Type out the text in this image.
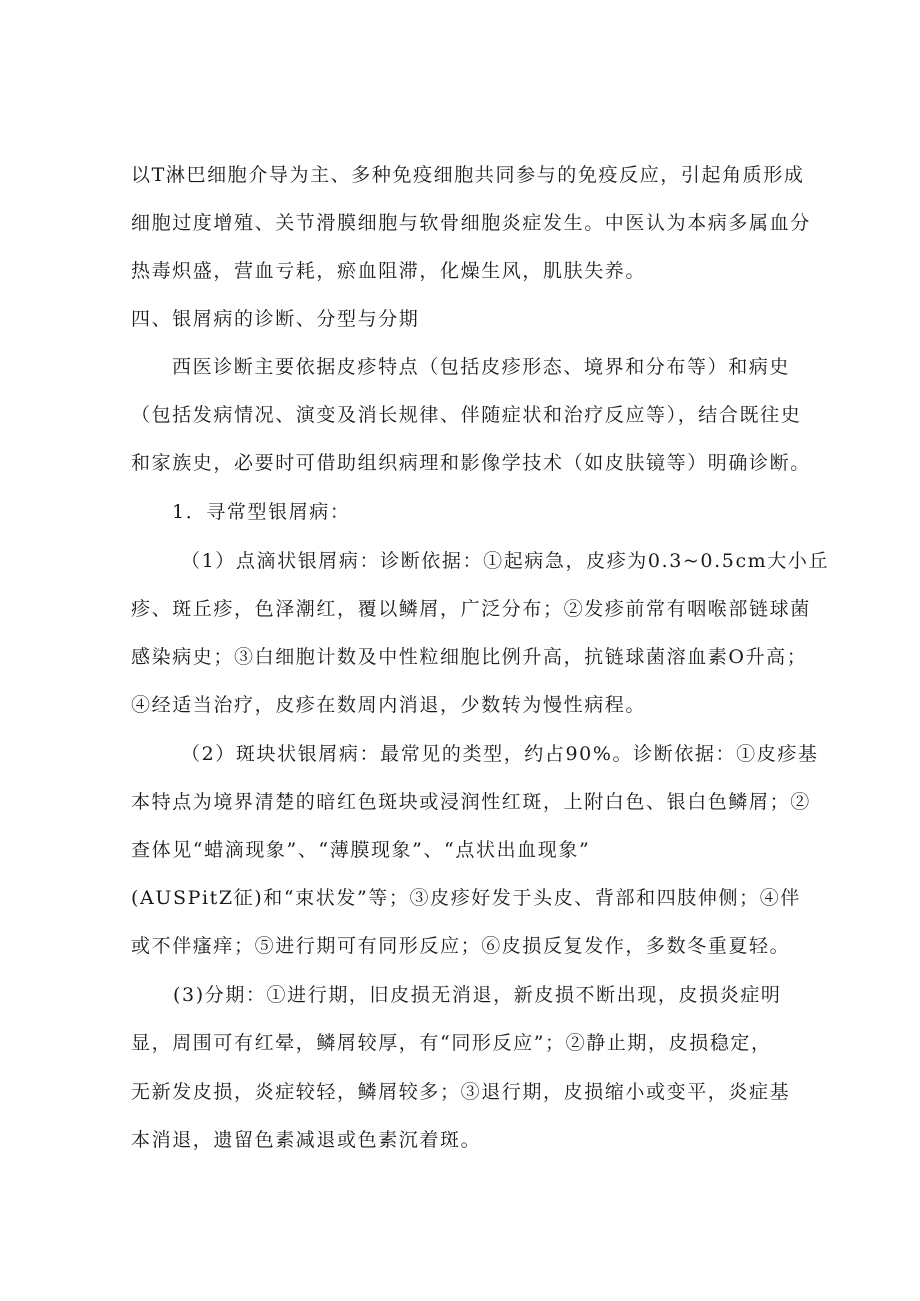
以T淋巴细胞介导为主、多种免疫细胞共同参与的免疫反应，引起角质形成
细胞过度增殖、关节滑膜细胞与软骨细胞炎症发生。中医认为本病多属血分
热毒炽盛，营血亏耗，瘀血阻滞，化燥生风，肌肤失养。
四、银屑病的诊断、分型与分期
西医诊断主要依据皮疹特点（包括皮疹形态、境界和分布等）和病史
（包括发病情况、演变及消长规律、伴随症状和治疗反应等），结合既往史
和家族史，必要时可借助组织病理和影像学技术（如皮肤镜等）明确诊断。
1．寻常型银屑病：
（1）点滴状银屑病：诊断依据：①起病急，皮疹为0.3~0.5cm大小丘
疹、斑丘疹，色泽潮红，覆以鳞屑，广泛分布；②发疹前常有咽喉部链球菌
感染病史；③白细胞计数及中性粒细胞比例升高，抗链球菌溶血素O升高；
④经适当治疗，皮疹在数周内消退，少数转为慢性病程。
（2）斑块状银屑病：最常见的类型，约占90%。诊断依据：①皮疹基
本特点为境界清楚的暗红色斑块或浸润性红斑，上附白色、银白色鳞屑；②
查体见“蜡滴现象”、“薄膜现象”、“点状出血现象”
(AUSPitZ征)和“束状发”等；③皮疹好发于头皮、背部和四肢伸侧；④伴
或不伴瘙痒；⑤进行期可有同形反应；⑥皮损反复发作，多数冬重夏轻。
(3)分期：①进行期，旧皮损无消退，新皮损不断出现，皮损炎症明
显，周围可有红晕，鳞屑较厚，有“同形反应”；②静止期，皮损稳定，
无新发皮损，炎症较轻，鳞屑较多；③退行期，皮损缩小或变平，炎症基
本消退，遗留色素减退或色素沉着斑。
